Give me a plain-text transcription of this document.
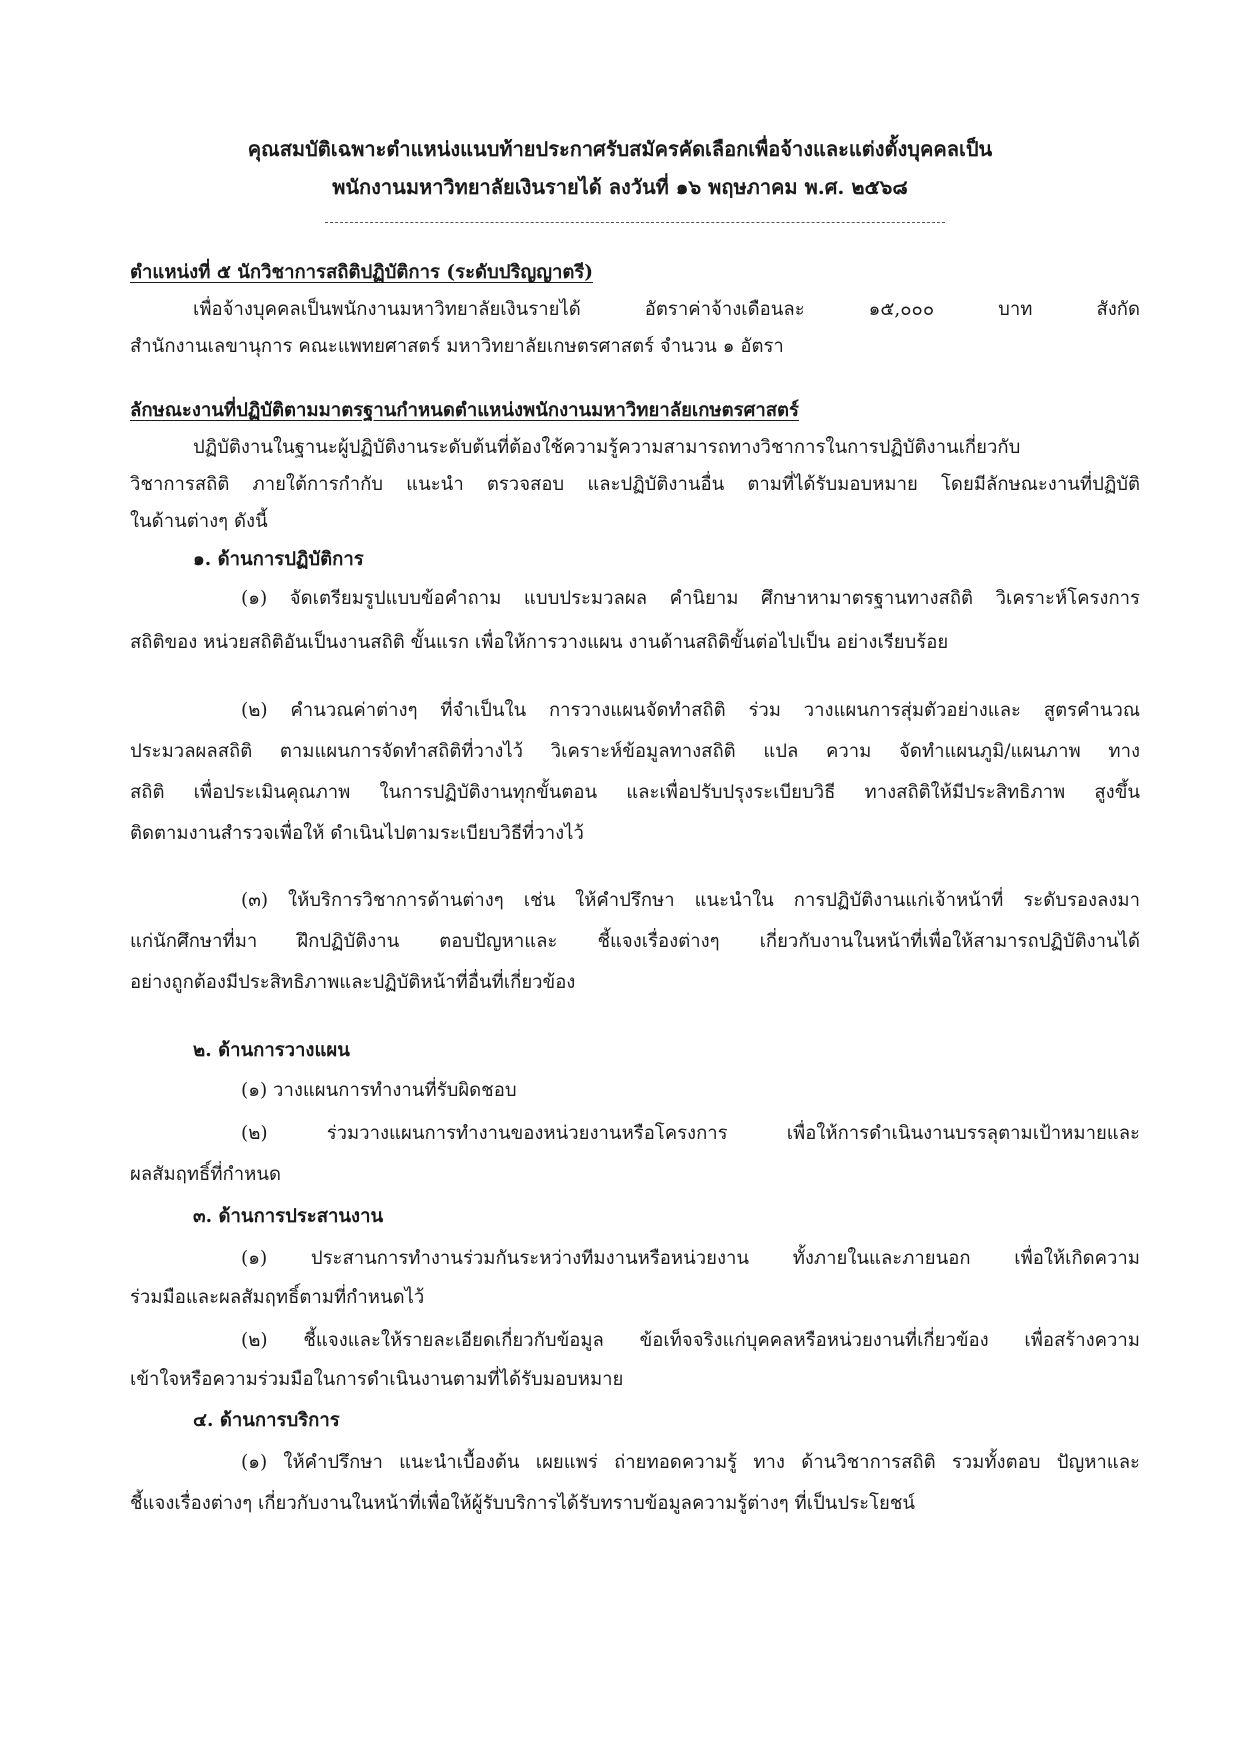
คุณสมบัติเฉพาะตำแหน่งแนบท้ายประกาศรับสมัครคัดเลือกเพื่อจ้างและแต่งตั้งบุคคลเป็น
พนักงานมหาวิทยาลัยเงินรายได้ ลงวันที่ ๑๖ พฤษภาคม พ.ศ. ๒๕๖๘
ตำแหน่งที่ ๕ นักวิชาการสถิติปฏิบัติการ (ระดับปริญญาตรี)
เพื่อจ้างบุคคลเป็นพนักงานมหาวิทยาลัยเงินรายได้ อัตราค่าจ้างเดือนละ ๑๕,๐๐๐ บาท สังกัด
สำนักงานเลขานุการ คณะแพทยศาสตร์ มหาวิทยาลัยเกษตรศาสตร์ จำนวน ๑ อัตรา
ลักษณะงานที่ปฏิบัติตามมาตรฐานกำหนดตำแหน่งพนักงานมหาวิทยาลัยเกษตรศาสตร์
ปฏิบัติงานในฐานะผู้ปฏิบัติงานระดับต้นที่ต้องใช้ความรู้ความสามารถทางวิชาการในการปฏิบัติงานเกี่ยวกับ
วิชาการสถิติ ภายใต้การกำกับ แนะนำ ตรวจสอบ และปฏิบัติงานอื่น ตามที่ได้รับมอบหมาย โดยมีลักษณะงานที่ปฏิบัติ
ในด้านต่างๆ ดังนี้
๑. ด้านการปฏิบัติการ
(๑) จัดเตรียมรูปแบบข้อคำถาม แบบประมวลผล คำนิยาม ศึกษาหามาตรฐานทางสถิติ วิเคราะห์โครงการ
สถิติของ หน่วยสถิติอันเป็นงานสถิติ ขั้นแรก เพื่อให้การวางแผน งานด้านสถิติขั้นต่อไปเป็น อย่างเรียบร้อย
(๒) คำนวณค่าต่างๆ ที่จำเป็นใน การวางแผนจัดทำสถิติ ร่วม วางแผนการสุ่มตัวอย่างและ สูตรคำนวณ
ประมวลผลสถิติ ตามแผนการจัดทำสถิติที่วางไว้ วิเคราะห์ข้อมูลทางสถิติ แปล ความ จัดทำแผนภูมิ/แผนภาพ ทาง
สถิติ เพื่อประเมินคุณภาพ ในการปฏิบัติงานทุกขั้นตอน และเพื่อปรับปรุงระเบียบวิธี ทางสถิติให้มีประสิทธิภาพ สูงขึ้น
ติดตามงานสำรวจเพื่อให้ ดำเนินไปตามระเบียบวิธีที่วางไว้
(๓) ให้บริการวิชาการด้านต่างๆ เช่น ให้คำปรึกษา แนะนำใน การปฏิบัติงานแก่เจ้าหน้าที่ ระดับรองลงมา
แก่นักศึกษาที่มา ฝึกปฏิบัติงาน ตอบปัญหาและ ชี้แจงเรื่องต่างๆ เกี่ยวกับงานในหน้าที่เพื่อให้สามารถปฏิบัติงานได้
อย่างถูกต้องมีประสิทธิภาพและปฏิบัติหน้าที่อื่นที่เกี่ยวข้อง
๒. ด้านการวางแผน
(๑) วางแผนการทำงานที่รับผิดชอบ
(๒) ร่วมวางแผนการทำงานของหน่วยงานหรือโครงการ เพื่อให้การดำเนินงานบรรลุตามเป้าหมายและ
ผลสัมฤทธิ์ที่กำหนด
๓. ด้านการประสานงาน
(๑) ประสานการทำงานร่วมกันระหว่างทีมงานหรือหน่วยงาน ทั้งภายในและภายนอก เพื่อให้เกิดความ
ร่วมมือและผลสัมฤทธิ์ตามที่กำหนดไว้
(๒) ชี้แจงและให้รายละเอียดเกี่ยวกับข้อมูล ข้อเท็จจริงแก่บุคคลหรือหน่วยงานที่เกี่ยวข้อง เพื่อสร้างความ
เข้าใจหรือความร่วมมือในการดำเนินงานตามที่ได้รับมอบหมาย
๔. ด้านการบริการ
(๑) ให้คำปรึกษา แนะนำเบื้องต้น เผยแพร่ ถ่ายทอดความรู้ ทาง ด้านวิชาการสถิติ รวมทั้งตอบ ปัญหาและ
ชี้แจงเรื่องต่างๆ เกี่ยวกับงานในหน้าที่เพื่อให้ผู้รับบริการได้รับทราบข้อมูลความรู้ต่างๆ ที่เป็นประโยชน์
